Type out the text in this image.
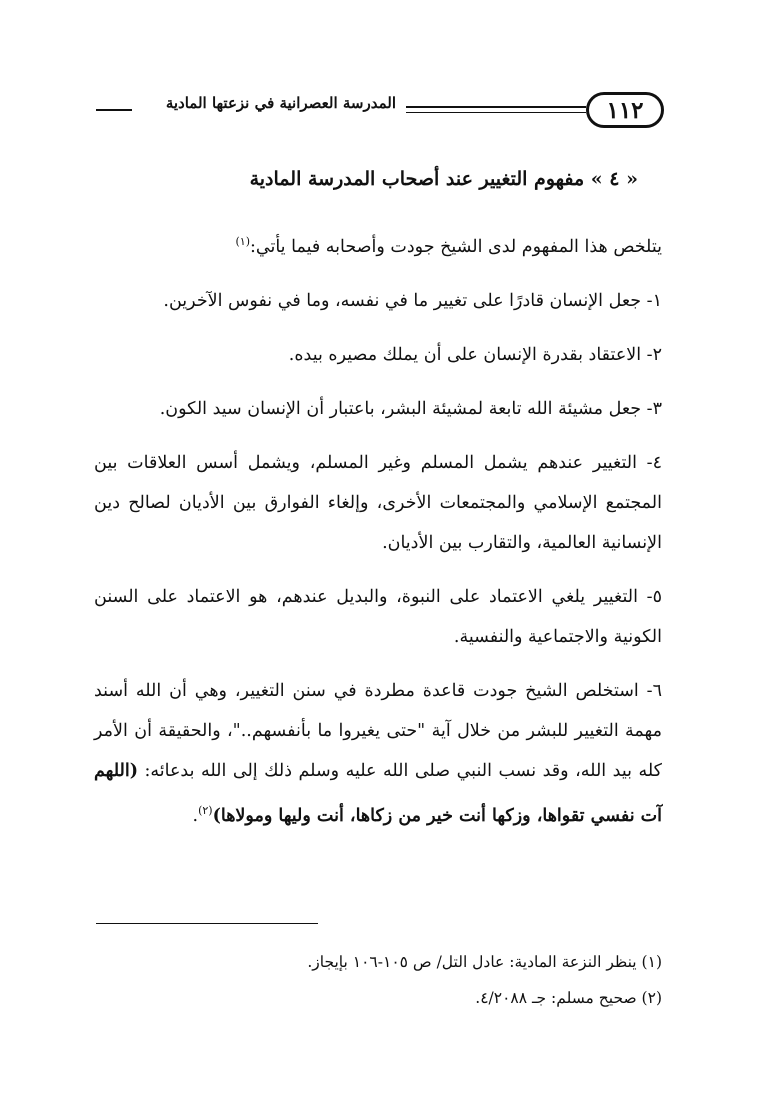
١١٢
المدرسة العصرانية في نزعتها المادية
« ٤ » مفهوم التغيير عند أصحاب المدرسة المادية

يتلخص هذا المفهوم لدى الشيخ جودت وأصحابه فيما يأتي:$^{(١)}$

١- جعل الإنسان قادرًا على تغيير ما في نفسه، وما في نفوس الآخرين.

٢- الاعتقاد بقدرة الإنسان على أن يملك مصيره بيده.

٣- جعل مشيئة الله تابعة لمشيئة البشر، باعتبار أن الإنسان سيد الكون.

٤- التغيير عندهم يشمل المسلم وغير المسلم، ويشمل أسس العلاقات بين المجتمع الإسلامي والمجتمعات الأخرى، وإلغاء الفوارق بين الأديان لصالح دين الإنسانية العالمية، والتقارب بين الأديان.

٥- التغيير يلغي الاعتماد على النبوة، والبديل عندهم، هو الاعتماد على السنن الكونية والاجتماعية والنفسية.

٦- استخلص الشيخ جودت قاعدة مطردة في سنن التغيير، وهي أن الله أسند مهمة التغيير للبشر من خلال آية "حتى يغيروا ما بأنفسهم.."، والحقيقة أن الأمر كله بيد الله، وقد نسب النبي صلى الله عليه وسلم ذلك إلى الله بدعائه: (اللهم آت نفسي تقواها، وزكها أنت خير من زكاها، أنت وليها ومولاها)$^{(٢)}$.

(١) ينظر النزعة المادية: عادل التل/ ص ١٠٥-١٠٦ بإيجاز.
(٢) صحيح مسلم: جـ ٤/٢٠٨٨.
